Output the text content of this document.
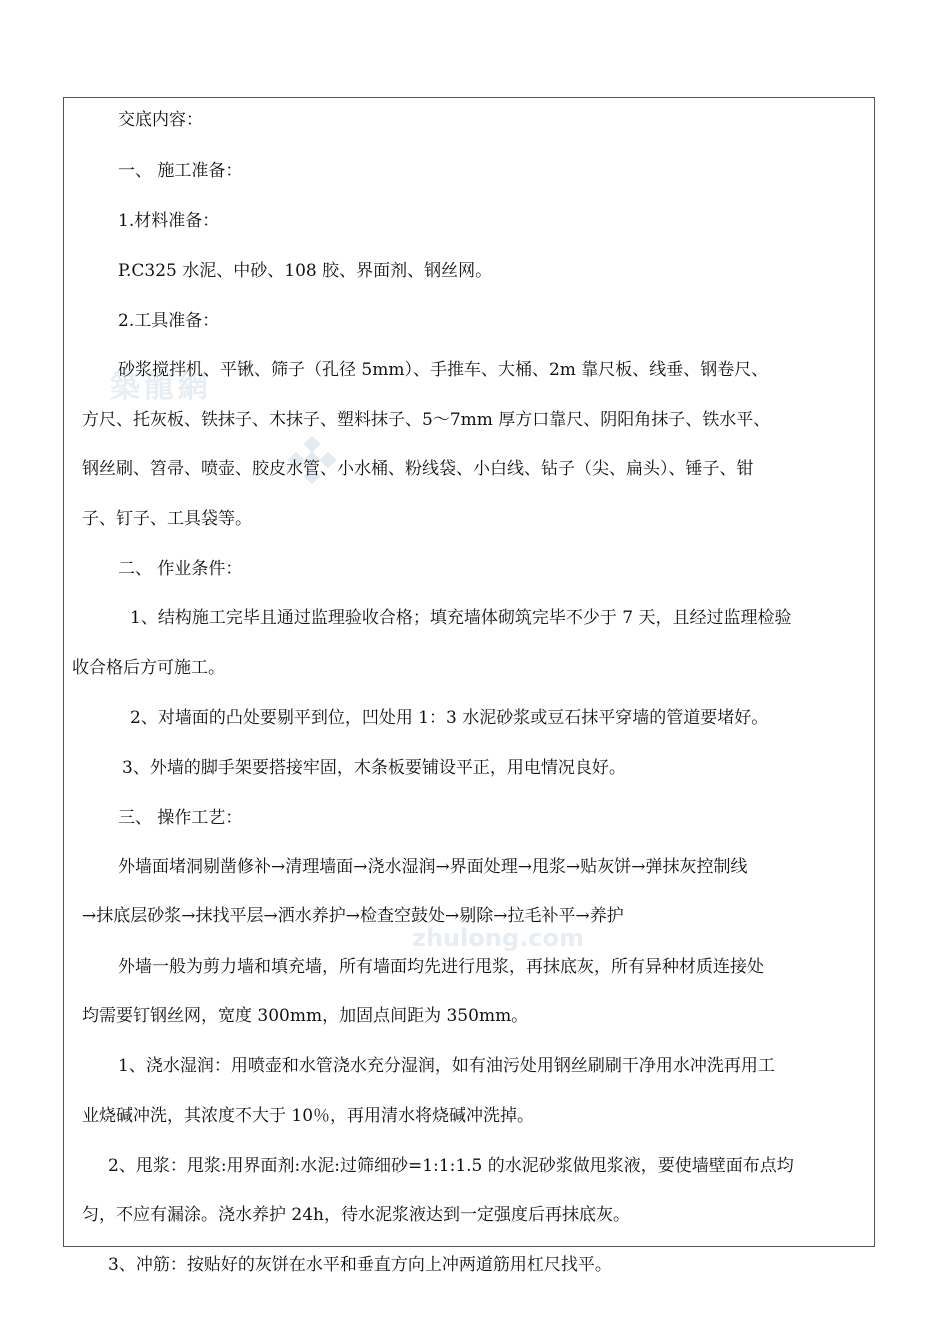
築龍網
zhulong.com
交底内容：
一、 施工准备：
1.材料准备：
P.C325 水泥、中砂、108 胶、界面剂、钢丝网。
2.工具准备：
砂浆搅拌机、平锹、筛子（孔径 5mm）、手推车、大桶、2m 靠尺板、线垂、钢卷尺、
方尺、托灰板、铁抹子、木抹子、塑料抹子、5～7mm 厚方口靠尺、阴阳角抹子、铁水平、
钢丝刷、笤帚、喷壶、胶皮水管、小水桶、粉线袋、小白线、钻子（尖、扁头）、锤子、钳
子、钉子、工具袋等。
二、 作业条件：
1、结构施工完毕且通过监理验收合格；填充墙体砌筑完毕不少于 7 天，且经过监理检验
收合格后方可施工。
2、对墙面的凸处要剔平到位，凹处用 1：3 水泥砂浆或豆石抹平穿墙的管道要堵好。
3、外墙的脚手架要搭接牢固，木条板要铺设平正，用电情况良好。
三、 操作工艺：
外墙面堵洞剔凿修补→清理墙面→浇水湿润→界面处理→甩浆→贴灰饼→弹抹灰控制线
→抹底层砂浆→抹找平层→洒水养护→检查空鼓处→剔除→拉毛补平→养护
外墙一般为剪力墙和填充墙，所有墙面均先进行甩浆，再抹底灰，所有异种材质连接处
均需要钉钢丝网，宽度 300mm，加固点间距为 350mm。
1、浇水湿润：用喷壶和水管浇水充分湿润，如有油污处用钢丝刷刷干净用水冲洗再用工
业烧碱冲洗，其浓度不大于 10％，再用清水将烧碱冲洗掉。
2、甩浆：甩浆:用界面剂:水泥:过筛细砂=1:1:1.5 的水泥砂浆做甩浆液，要使墙壁面布点均
匀，不应有漏涂。浇水养护 24h，待水泥浆液达到一定强度后再抹底灰。
3、冲筋：按贴好的灰饼在水平和垂直方向上冲两道筋用杠尺找平。
